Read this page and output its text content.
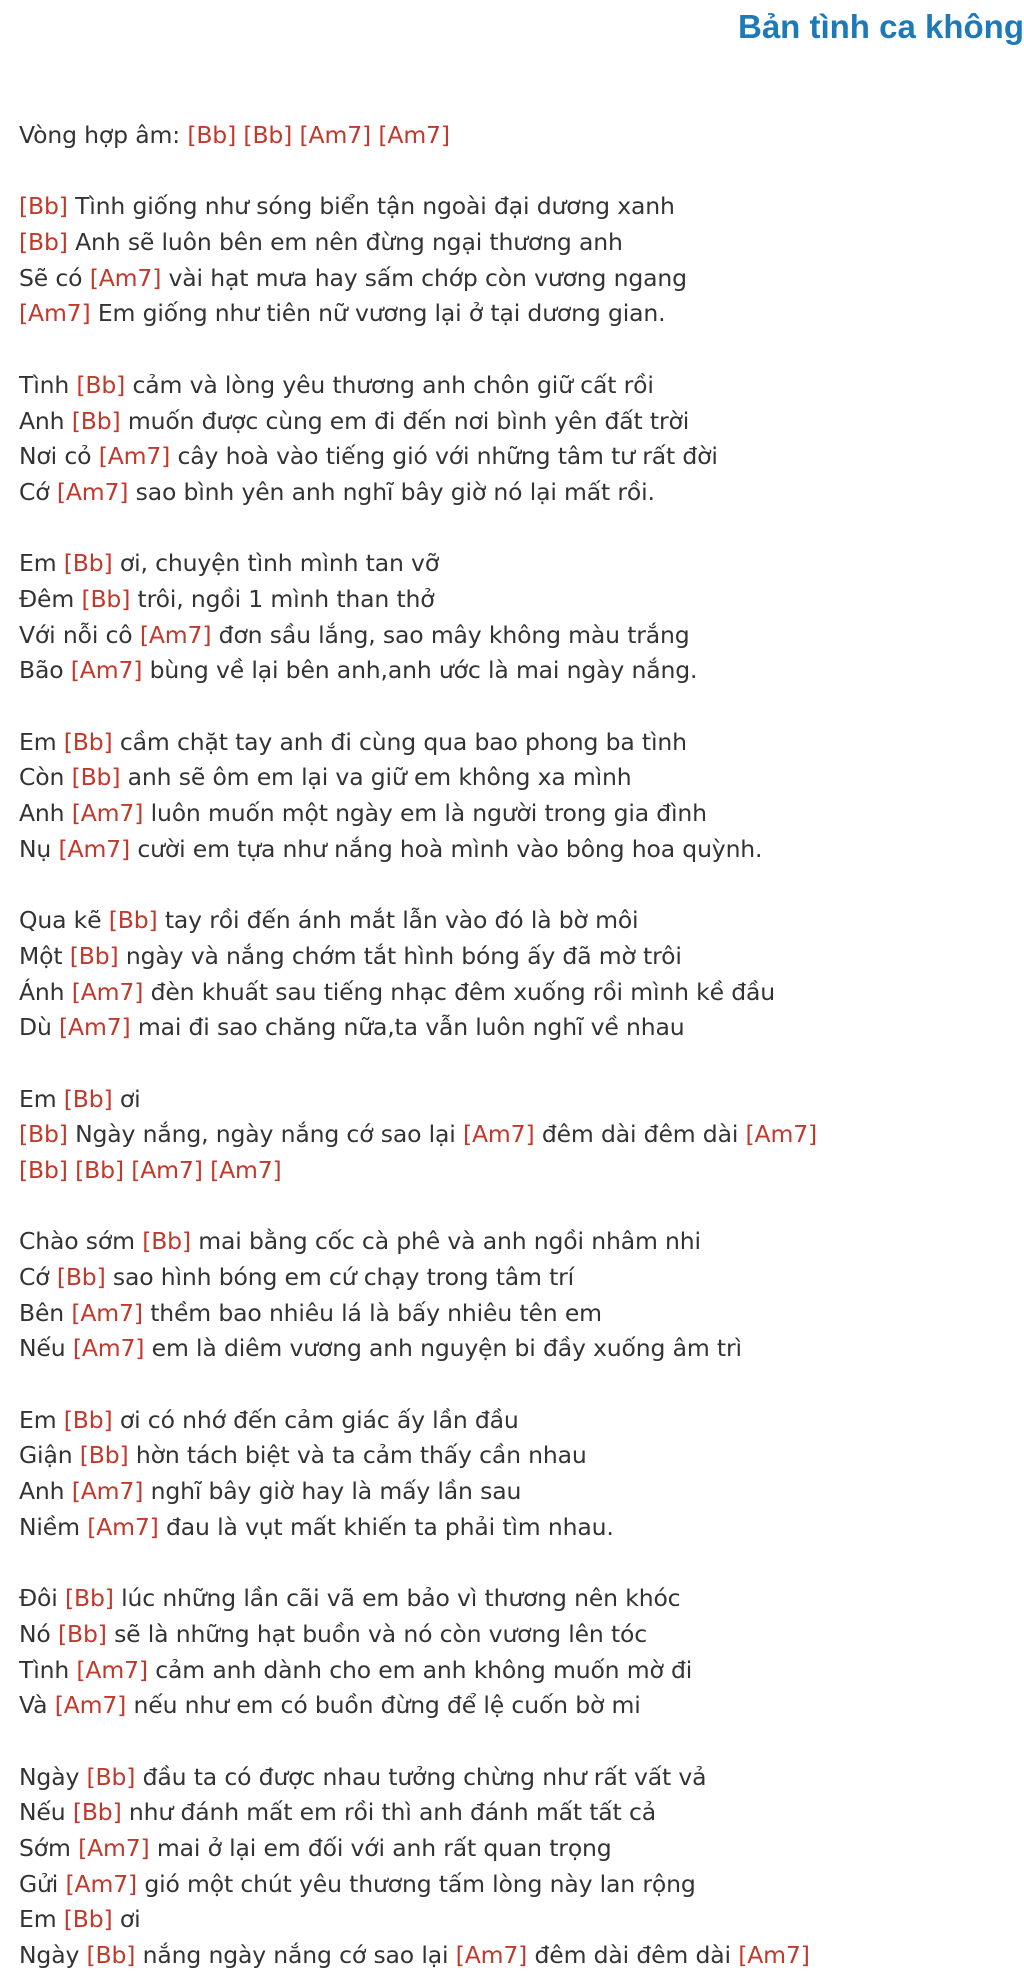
Bản tình ca không
Vòng hợp âm: [Bb] [Bb] [Am7] [Am7]
[Bb] Tình giống như sóng biển tận ngoài đại dương xanh
[Bb] Anh sẽ luôn bên em nên đừng ngại thương anh
Sẽ có [Am7] vài hạt mưa hay sấm chớp còn vương ngang
[Am7] Em giống như tiên nữ vương lại ở tại dương gian.
Tình [Bb] cảm và lòng yêu thương anh chôn giữ cất rồi
Anh [Bb] muốn được cùng em đi đến nơi bình yên đất trời
Nơi cỏ [Am7] cây hoà vào tiếng gió với những tâm tư rất đời
Cớ [Am7] sao bình yên anh nghĩ bây giờ nó lại mất rồi.
Em [Bb] ơi, chuyện tình mình tan vỡ
Đêm [Bb] trôi, ngồi 1 mình than thở
Với nỗi cô [Am7] đơn sầu lắng, sao mây không màu trắng
Bão [Am7] bùng về lại bên anh,anh ước là mai ngày nắng.
Em [Bb] cầm chặt tay anh đi cùng qua bao phong ba tình
Còn [Bb] anh sẽ ôm em lại va giữ em không xa mình
Anh [Am7] luôn muốn một ngày em là người trong gia đình
Nụ [Am7] cười em tựa như nắng hoà mình vào bông hoa quỳnh.
Qua kẽ [Bb] tay rồi đến ánh mắt lẫn vào đó là bờ môi
Một [Bb] ngày và nắng chớm tắt hình bóng ấy đã mờ trôi
Ánh [Am7] đèn khuất sau tiếng nhạc đêm xuống rồi mình kề đầu
Dù [Am7] mai đi sao chăng nữa,ta vẫn luôn nghĩ về nhau
Em [Bb] ơi
[Bb] Ngày nắng, ngày nắng cớ sao lại [Am7] đêm dài đêm dài [Am7]
[Bb] [Bb] [Am7] [Am7]
Chào sớm [Bb] mai bằng cốc cà phê và anh ngồi nhâm nhi
Cớ [Bb] sao hình bóng em cứ chạy trong tâm trí
Bên [Am7] thềm bao nhiêu lá là bấy nhiêu tên em
Nếu [Am7] em là diêm vương anh nguyện bi đầy xuống âm trì
Em [Bb] ơi có nhớ đến cảm giác ấy lần đầu
Giận [Bb] hờn tách biệt và ta cảm thấy cần nhau
Anh [Am7] nghĩ bây giờ hay là mấy lần sau
Niềm [Am7] đau là vụt mất khiến ta phải tìm nhau.
Đôi [Bb] lúc những lần cãi vã em bảo vì thương nên khóc
Nó [Bb] sẽ là những hạt buồn và nó còn vương lên tóc
Tình [Am7] cảm anh dành cho em anh không muốn mờ đi
Và [Am7] nếu như em có buồn đừng để lệ cuốn bờ mi
Ngày [Bb] đầu ta có được nhau tưởng chừng như rất vất vả
Nếu [Bb] như đánh mất em rồi thì anh đánh mất tất cả
Sớm [Am7] mai ở lại em đối với anh rất quan trọng
Gửi [Am7] gió một chút yêu thương tấm lòng này lan rộng
Em [Bb] ơi
Ngày [Bb] nắng ngày nắng cớ sao lại [Am7] đêm dài đêm dài [Am7]
